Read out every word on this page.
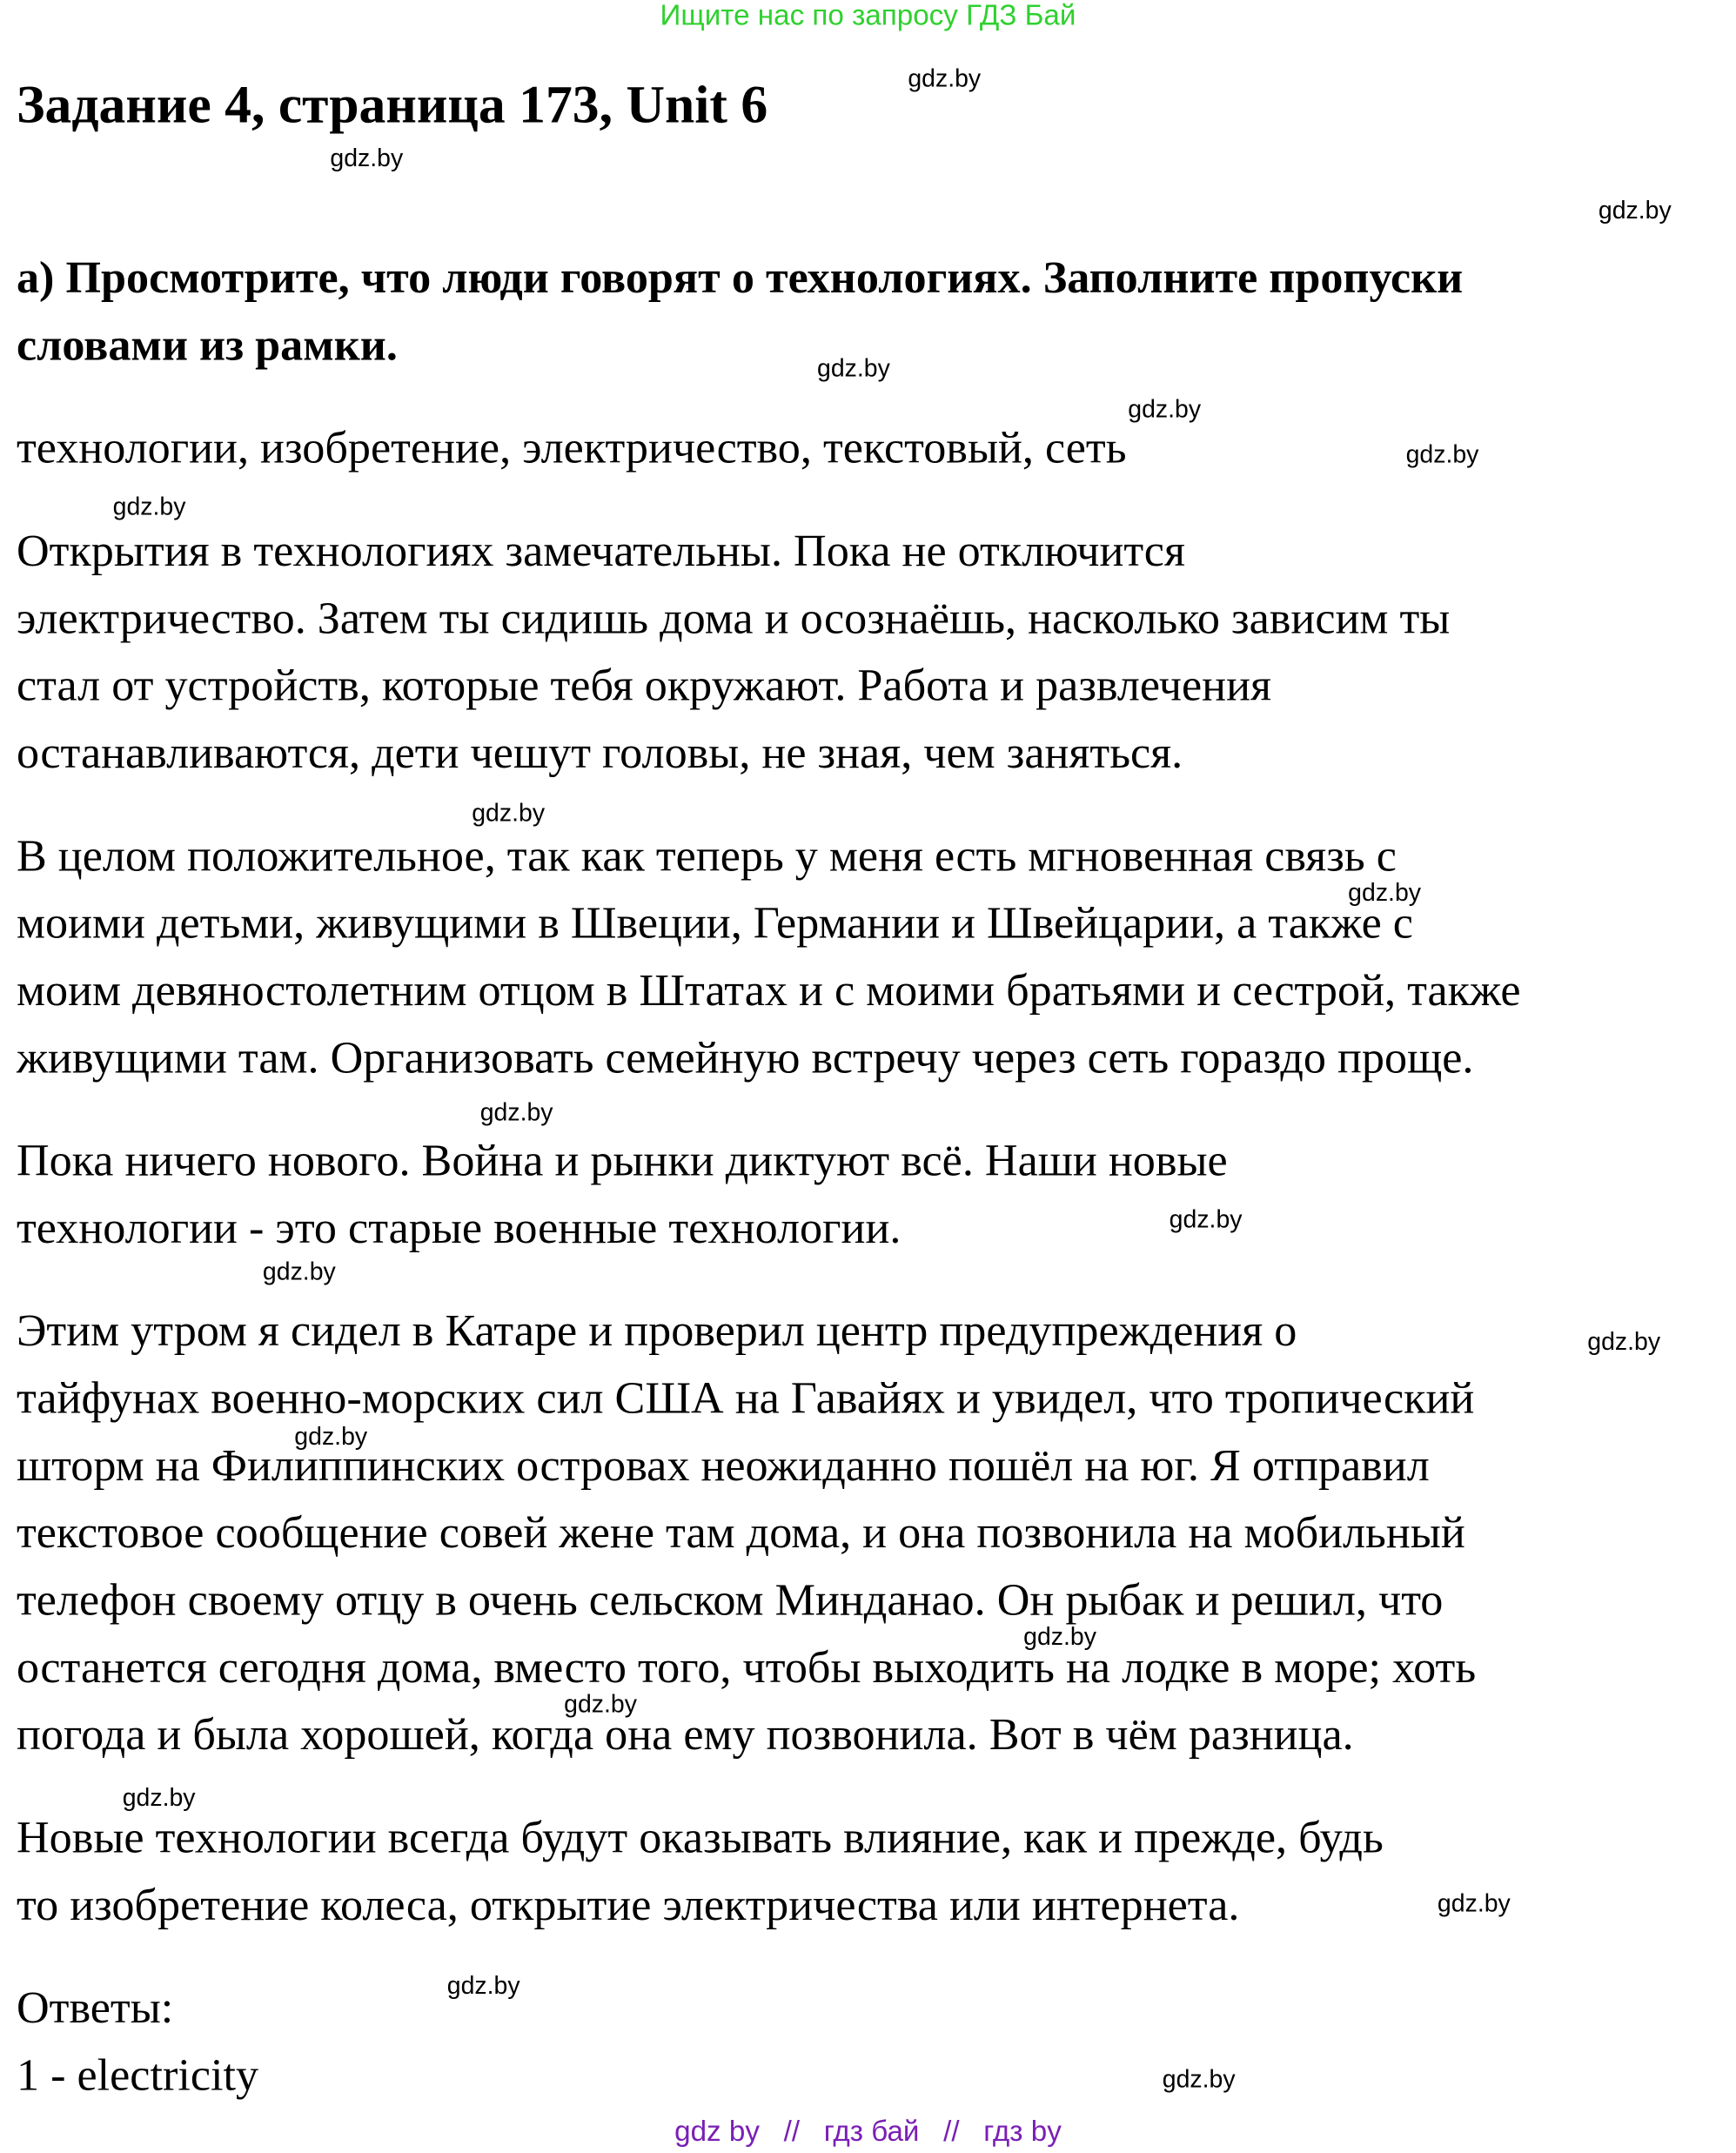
Ищите нас по запросу ГДЗ Бай
Задание 4, страница 173, Unit 6
а) Просмотрите, что люди говорят о технологиях. Заполните пропуски
словами из рамки.
технологии, изобретение, электричество, текстовый, сеть
Открытия в технологиях замечательны. Пока не отключится
электричество. Затем ты сидишь дома и осознаёшь, насколько зависим ты
стал от устройств, которые тебя окружают. Работа и развлечения
останавливаются, дети чешут головы, не зная, чем заняться.
В целом положительное, так как теперь у меня есть мгновенная связь с
моими детьми, живущими в Швеции, Германии и Швейцарии, а также с
моим девяностолетним отцом в Штатах и с моими братьями и сестрой, также
живущими там. Организовать семейную встречу через сеть гораздо проще.
Пока ничего нового. Война и рынки диктуют всё. Наши новые
технологии - это старые военные технологии.
Этим утром я сидел в Катаре и проверил центр предупреждения о
тайфунах военно-морских сил США на Гавайях и увидел, что тропический
шторм на Филиппинских островах неожиданно пошёл на юг. Я отправил
текстовое сообщение совей жене там дома, и она позвонила на мобильный
телефон своему отцу в очень сельском Минданао. Он рыбак и решил, что
останется сегодня дома, вместо того, чтобы выходить на лодке в море; хоть
погода и была хорошей, когда она ему позвонила. Вот в чём разница.
Новые технологии всегда будут оказывать влияние, как и прежде, будь
то изобретение колеса, открытие электричества или интернета.
Ответы:
1 - electricity
gdz.by
gdz.by
gdz.by
gdz.by
gdz.by
gdz.by
gdz.by
gdz.by
gdz.by
gdz.by
gdz.by
gdz.by
gdz.by
gdz.by
gdz.by
gdz.by
gdz.by
gdz.by
gdz.by
gdz.by
gdz by // гдз бай // гдз by
